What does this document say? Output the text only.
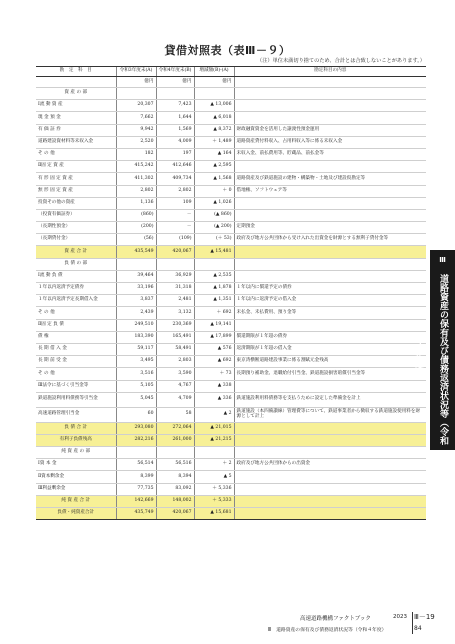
貸借対照表（表Ⅲ－９）
（注）単位未満切り捨てのため、合計とは合致しないことがあります。）
勘　定　科　目	令和3年度末(A)	令和4年度末(B)	増減額(B)-(A)	勘定科目の内容
	億円	億円	億円	
資 産 の 部				
Ⅰ流 動 資 産	20,307	7,423	▲ 13,006	
現 金 預 金	7,662	1,644	▲ 6,018	
有 価 証 券	9,942	1,569	▲ 8,372	財政融資資金を活用した譲渡性預金運用
道路建設資材料等未収入金	2,520	4,009	＋ 1,489	道路資産貸付料収入、占用料収入等に係る未収入金
そ の 他	182	197	▲ 164	未収入金、前払費用等、貯蔵品、前払金等
Ⅱ固 定 資 産	415,242	412,646	▲ 2,595	
有 形 固 定 資 産	411,302	409,734	▲ 1,568	道路資産及び鉄道施設の建物・構築物・土地及び建設仮勘定等
無 形 固 定 資 産	2,802	2,802	＋ 0	借地権、ソフトウェア等
投資その他の資産	1,136	109	▲ 1,026	
（投資有価証券）	(860)	－	(▲ 860)	
（長期性預金）	(200)	－	(▲ 200)	定期預金
（長期貸付金）	(56)	(109)	(＋ 53)	政府及び地方公共団体から受け入れた出資金を財源とする無利子貸付金等
資 産 合 計	435,549	420,067	▲ 15,481	
負 債 の 部				
Ⅰ流 動 負 債	39,464	36,929	▲ 2,535	
１年以内返済予定債券	33,196	31,318	▲ 1,878	１年以内に償還予定の債券
１年以内返済予定長期借入金	3,837	2,481	▲ 1,351	１年以内に返済予定の借入金
そ の 他	2,439	3,132	＋ 692	未払金、未払費用、預り金等
Ⅱ固 定 負 債	249,510	230,369	▲ 19,141	
債 権	183,390	165,491	▲ 17,899	償還期限が１年超の債券
長 期 借 入 金	59,117	58,491	▲ 576	返済期限が１年超の借入金
長 期 前 受 金	3,495	2,803	▲ 692	東京湾横断道路建設事業に係る割賦元金残高
そ の 他	3,516	3,590	＋ 73	長期預り補助金、退職給付引当金、鉄道施設損害賠償引当金等
Ⅲ法令に基づく引当金等	5,105	4,767	▲ 338	
鉄道施設利用料債務等引当金	5,045	4,709	▲ 336	鉄道施設利用料債務等を支払うために設定した準備金を計上
高速道路管理引当金	60	58	▲ 2	鉄道施設（本四備讃線）管理費等について、鉄道事業者から徴収する鉄道施設使用料を財源として計上
負 債 合 計	293,080	272,064	▲ 21,015	
有利子負債残高	282,216	261,000	▲ 21,215	
純 資 産 の 部				
Ⅰ資 本 金	56,514	56,516	＋ 2	政府及び地方公共団体からの出資金
Ⅱ資本剰余金	8,399	8,394	▲ 5	
Ⅲ利益剰余金	77,735	83,092	＋ 5,336	
純 資 産 合 計	142,669	148,002	＋ 5,333	
負債・純資産合計	435,749	420,067	▲ 15,681	
Ⅲ
道路資産の保有及び債務返済状況等（令和４年度）
高速道路機構ファクトブック	2023 Ⅲ－19
Ⅲ　道路資産の保有及び債務返済状況等（令和４年度）	84
